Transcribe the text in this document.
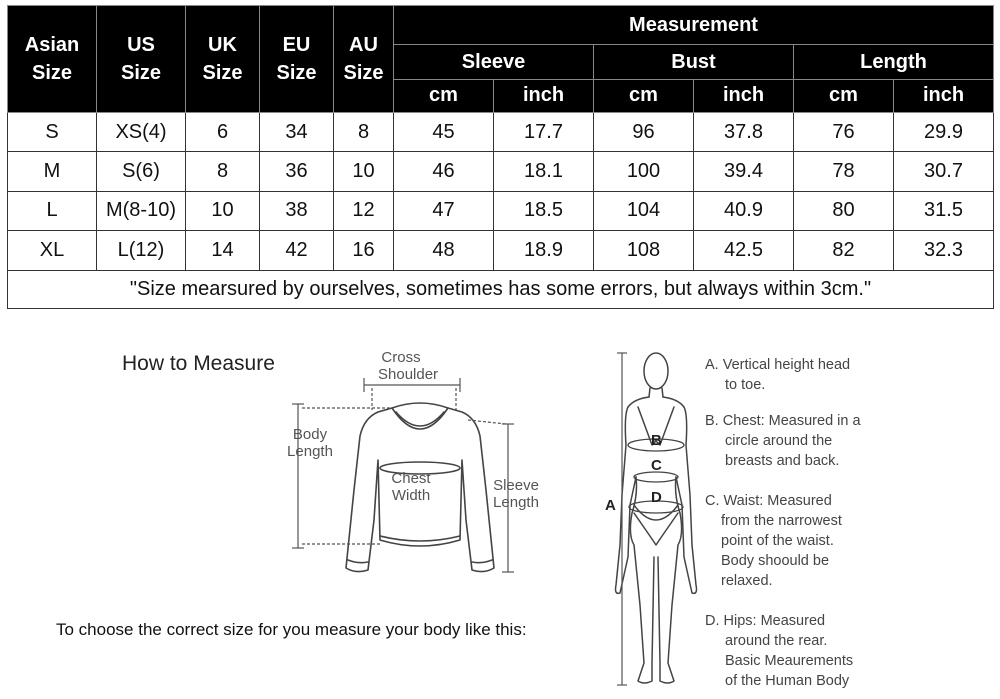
Asian Size	US Size	UK Size	EU Size	AU Size	Measurement					
					Sleeve		Bust		Length	
					cm	inch	cm	inch	cm	inch
S	XS(4)	6	34	8	45	17.7	96	37.8	76	29.9
M	S(6)	8	36	10	46	18.1	100	39.4	78	30.7
L	M(8-10)	10	38	12	47	18.5	104	40.9	80	31.5
XL	L(12)	14	42	16	48	18.9	108	42.5	82	32.3
"Size mearsured by ourselves, sometimes has some errors, but always within 3cm."										
How to Measure	Cross
Shoulder
Body
Length
Chest
Width
Sleeve
Length
To choose the correct size for you measure your body like this:
B
C
D
A
A. Vertical height head
to toe.
B. Chest: Measured in a
circle around the
breasts and back.
C. Waist: Measured
from the narrowest
point of the waist.
Body shoould be
relaxed.
D. Hips: Measured
around the rear.
Basic Meaurements
of the Human Body
